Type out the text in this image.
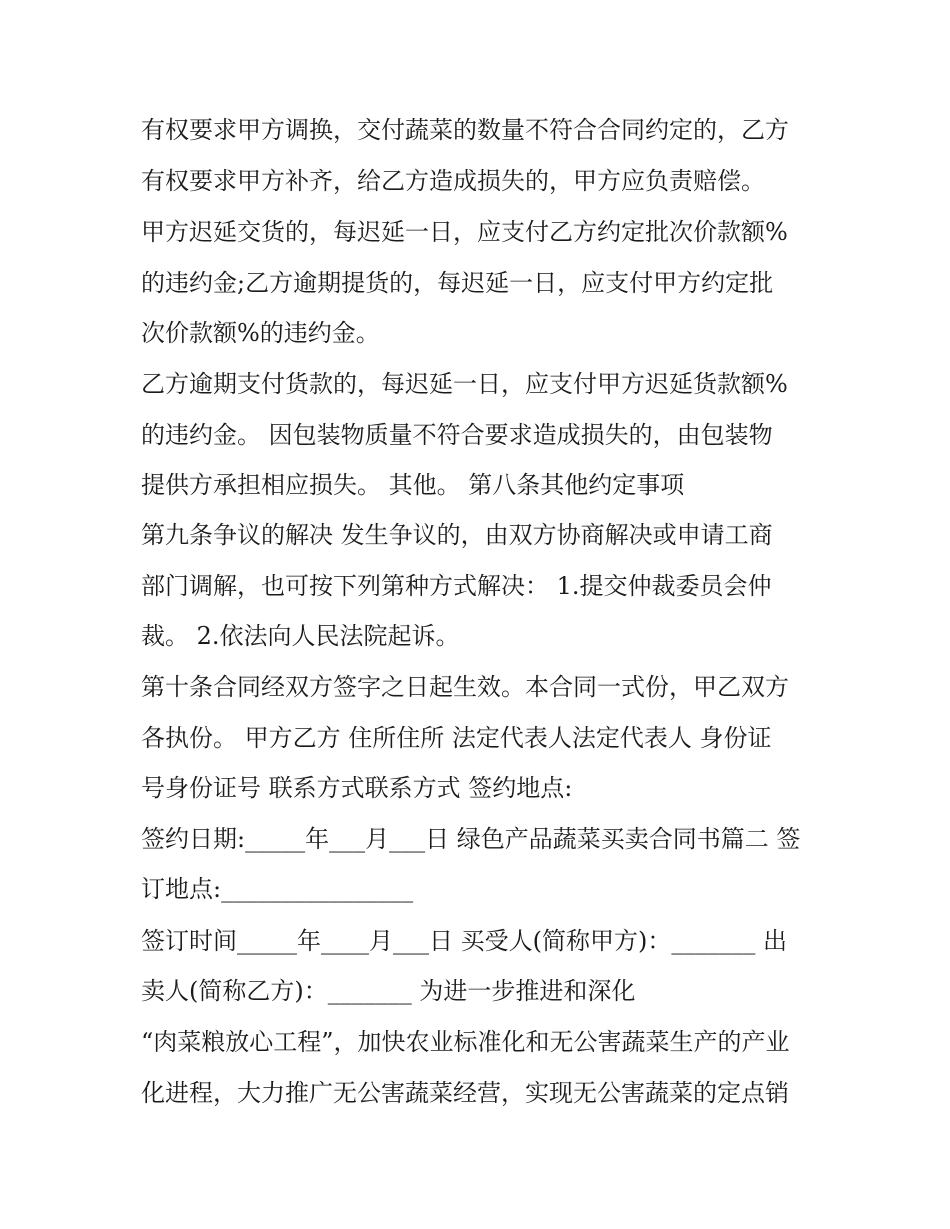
有权要求甲方调换，交付蔬菜的数量不符合合同约定的，乙方
有权要求甲方补齐，给乙方造成损失的，甲方应负责赔偿。
甲方迟延交货的，每迟延一日，应支付乙方约定批次价款额%
的违约金;乙方逾期提货的，每迟延一日，应支付甲方约定批
次价款额%的违约金。
乙方逾期支付货款的，每迟延一日，应支付甲方迟延货款额%
的违约金。 因包装物质量不符合要求造成损失的，由包装物
提供方承担相应损失。 其他。 第八条其他约定事项
第九条争议的解决 发生争议的，由双方协商解决或申请工商
部门调解，也可按下列第种方式解决： 1.提交仲裁委员会仲
裁。 2.依法向人民法院起诉。
第十条合同经双方签字之日起生效。本合同一式份，甲乙双方
各执份。 甲方乙方 住所住所 法定代表人法定代表人 身份证
号身份证号 联系方式联系方式 签约地点:
签约日期:_____年___月___日 绿色产品蔬菜买卖合同书篇二 签
订地点:________________
签订时间_____年____月___日 买受人(简称甲方)：_______ 出
卖人(简称乙方)：_______ 为进一步推进和深化
“肉菜粮放心工程”，加快农业标准化和无公害蔬菜生产的产业
化进程，大力推广无公害蔬菜经营，实现无公害蔬菜的定点销
